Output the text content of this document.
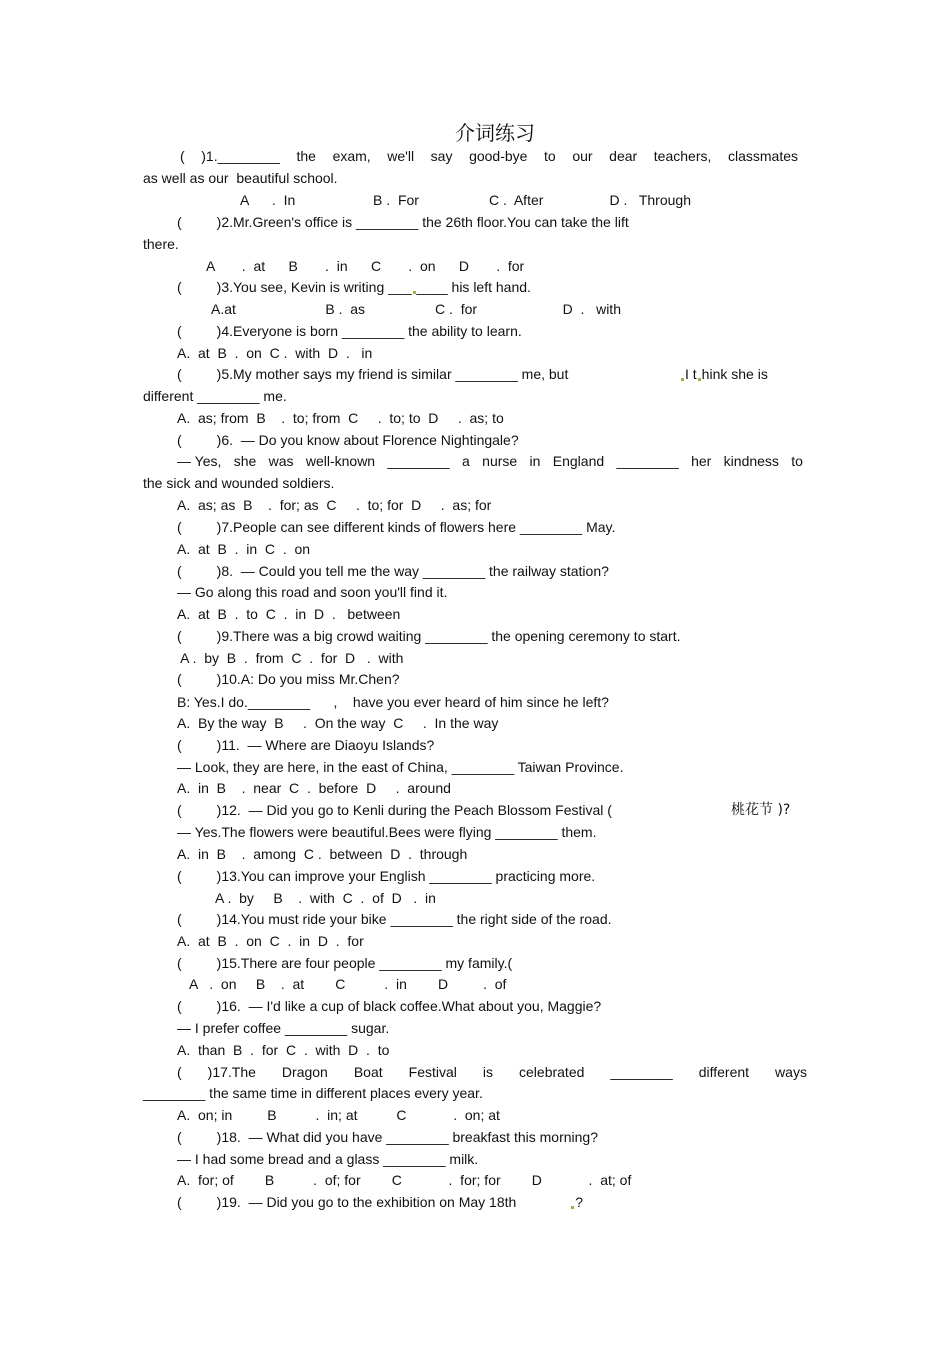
介词练习
( )1.________ the exam, we'll say good-bye to our dear teachers, classmates
as well as our  beautiful school.
A      .  In                    B .  For                  C .  After                 D .   Through
(         )2.Mr.Green's office is ________ the 26th floor.You can take the lift
there.
A       .  at      B       .  in      C       .  on      D       .  for
(         )3.You see, Kevin is writing ___ ____ his left hand.
A.at                       B .  as                  C .  for                      D  .   with
(         )4.Everyone is born ________ the ability to learn.
A.  at  B  .  on  C .  with  D  .   in
(         )5.My mother says my friend is similar ________ me, but	I t hink she is
different ________ me.
A.  as; from  B    .  to; from  C     .  to; to  D     .  as; to
(         )6.  — Do you know about Florence Nightingale?
— Yes, she was well-known ________ a nurse in England ________ her kindness to
the sick and wounded soldiers.
A.  as; as  B    .  for; as  C     .  to; for  D     .  as; for
(         )7.People can see different kinds of flowers here ________ May.
A.  at  B  .  in  C  .  on
(         )8.  — Could you tell me the way ________ the railway station?
— Go along this road and soon you'll find it.
A.  at  B  .  to  C  .  in  D  .   between
(         )9.There was a big crowd waiting ________ the opening ceremony to start.
A .  by  B  .  from  C  .  for  D   .  with
(         )10.A: Do you miss Mr.Chen?
B: Yes.I do.________      ,    have you ever heard of him since he left?
A.  By the way  B     .  On the way  C     .  In the way
(         )11.  — Where are Diaoyu Islands?
— Look, they are here, in the east of China, ________ Taiwan Province.
A.  in  B    .  near  C  .  before  D     .  around
(         )12.  — Did you go to Kenli during the Peach Blossom Festival (	桃花节 )?
— Yes.The flowers were beautiful.Bees were flying ________ them.
A.  in  B    .  among  C .  between  D  .  through
(         )13.You can improve your English ________ practicing more.
A .  by     B    .  with  C  .  of  D   .  in
(         )14.You must ride your bike ________ the right side of the road.
A.  at  B  .  on  C  .  in  D  .  for
(         )15.There are four people ________ my family.(
A   .  on     B    .  at        C          .  in        D         .  of
(         )16.  — I'd like a cup of black coffee.What about you, Maggie?
— I prefer coffee ________ sugar.
A.  than  B  .  for  C  .  with  D  .  to
( )17.The Dragon Boat Festival is celebrated ________ different ways
________ the same time in different places every year.
A.  on; in         B          .  in; at          C            .  on; at
(         )18.  — What did you have ________ breakfast this morning?
— I had some bread and a glass ________ milk.
A.  for; of        B          .  of; for        C            .  for; for        D            .  at; of
(         )19.  — Did you go to the exhibition on May 18th	?
